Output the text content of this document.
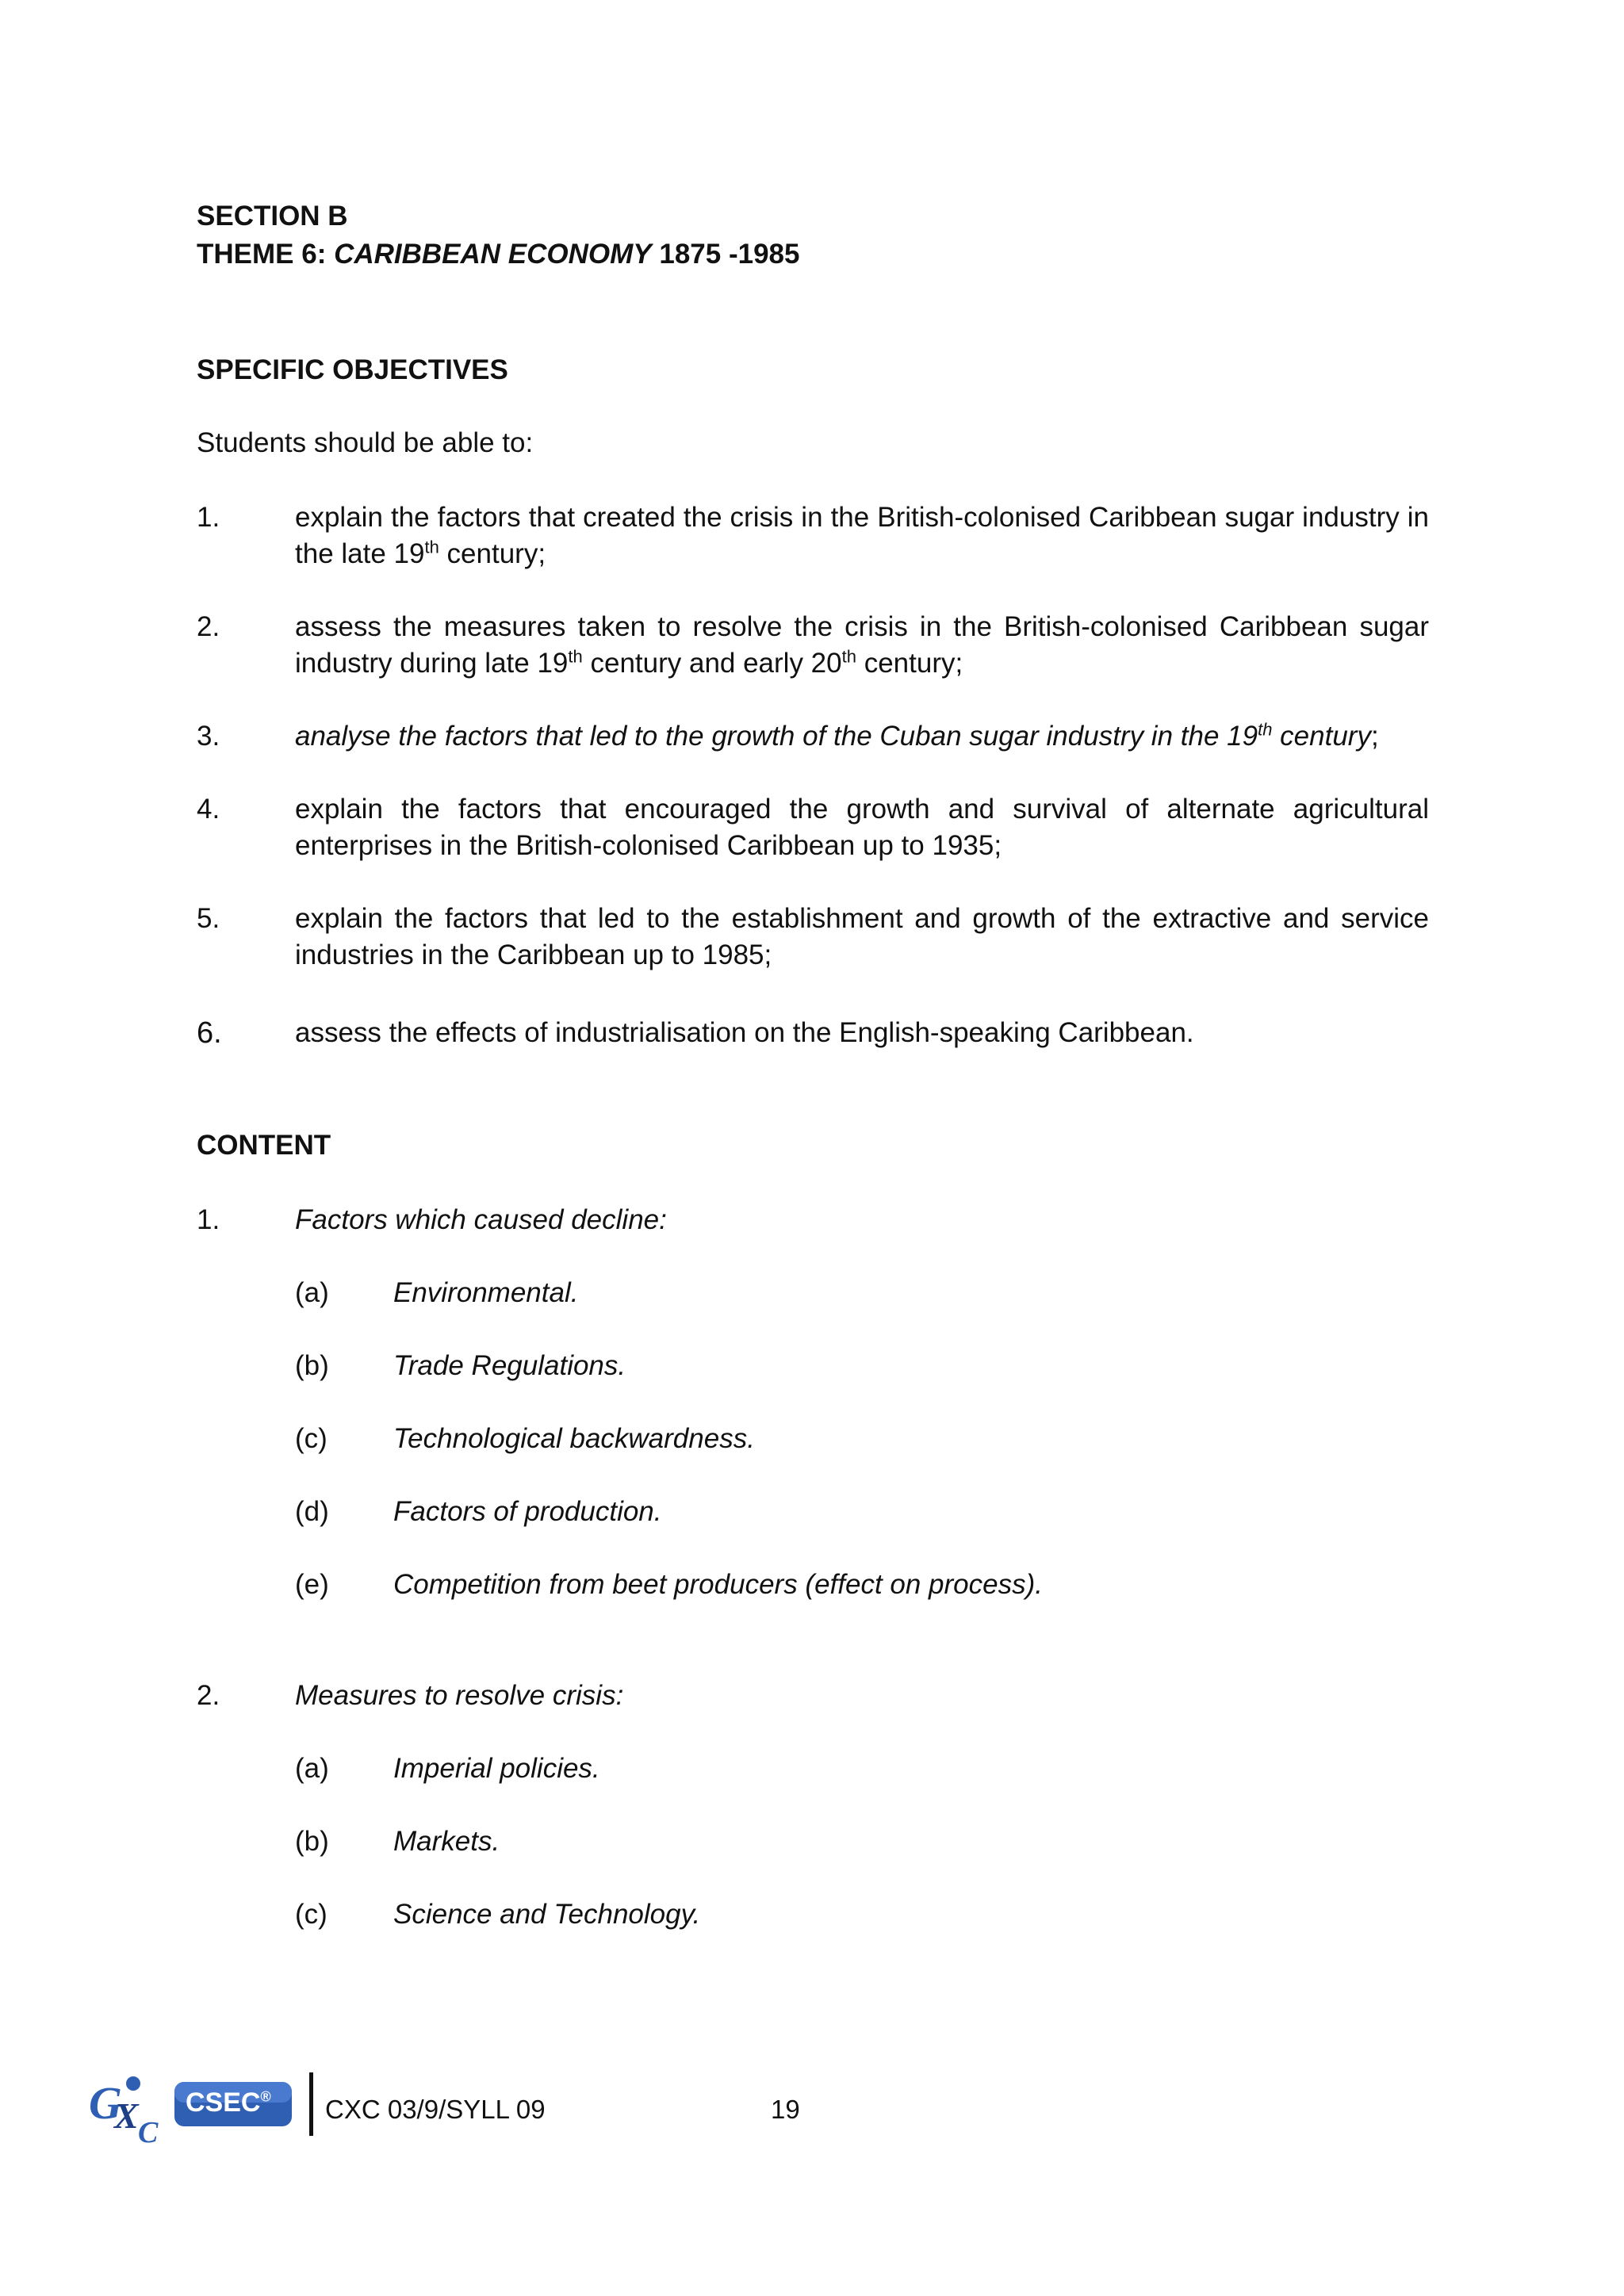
SECTION B
THEME 6: CARIBBEAN ECONOMY 1875 -1985
SPECIFIC OBJECTIVES
Students should be able to:
1.	explain the factors that created the crisis in the British-colonised Caribbean sugar industry in the late 19th century;
2.	assess the measures taken to resolve the crisis in the British-colonised Caribbean sugar industry during late 19th century and early 20th century;
3.	analyse the factors that led to the growth of the Cuban sugar industry in the 19th century;
4.	explain the factors that encouraged the growth and survival of alternate agricultural enterprises in the British-colonised Caribbean up to 1935;
5.	explain the factors that led to the establishment and growth of the extractive and service industries in the Caribbean up to 1985;
6.	assess the effects of industrialisation on the English-speaking Caribbean.
CONTENT
1.	Factors which caused decline:
(a)	Environmental.
(b)	Trade Regulations.
(c)	Technological backwardness.
(d)	Factors of production.
(e)	Competition from beet producers (effect on process).
2.	Measures to resolve crisis:
(a)	Imperial policies.
(b)	Markets.
(c)	Science and Technology.
G
X C
CSEC® CXC 03/9/SYLL 09	19
